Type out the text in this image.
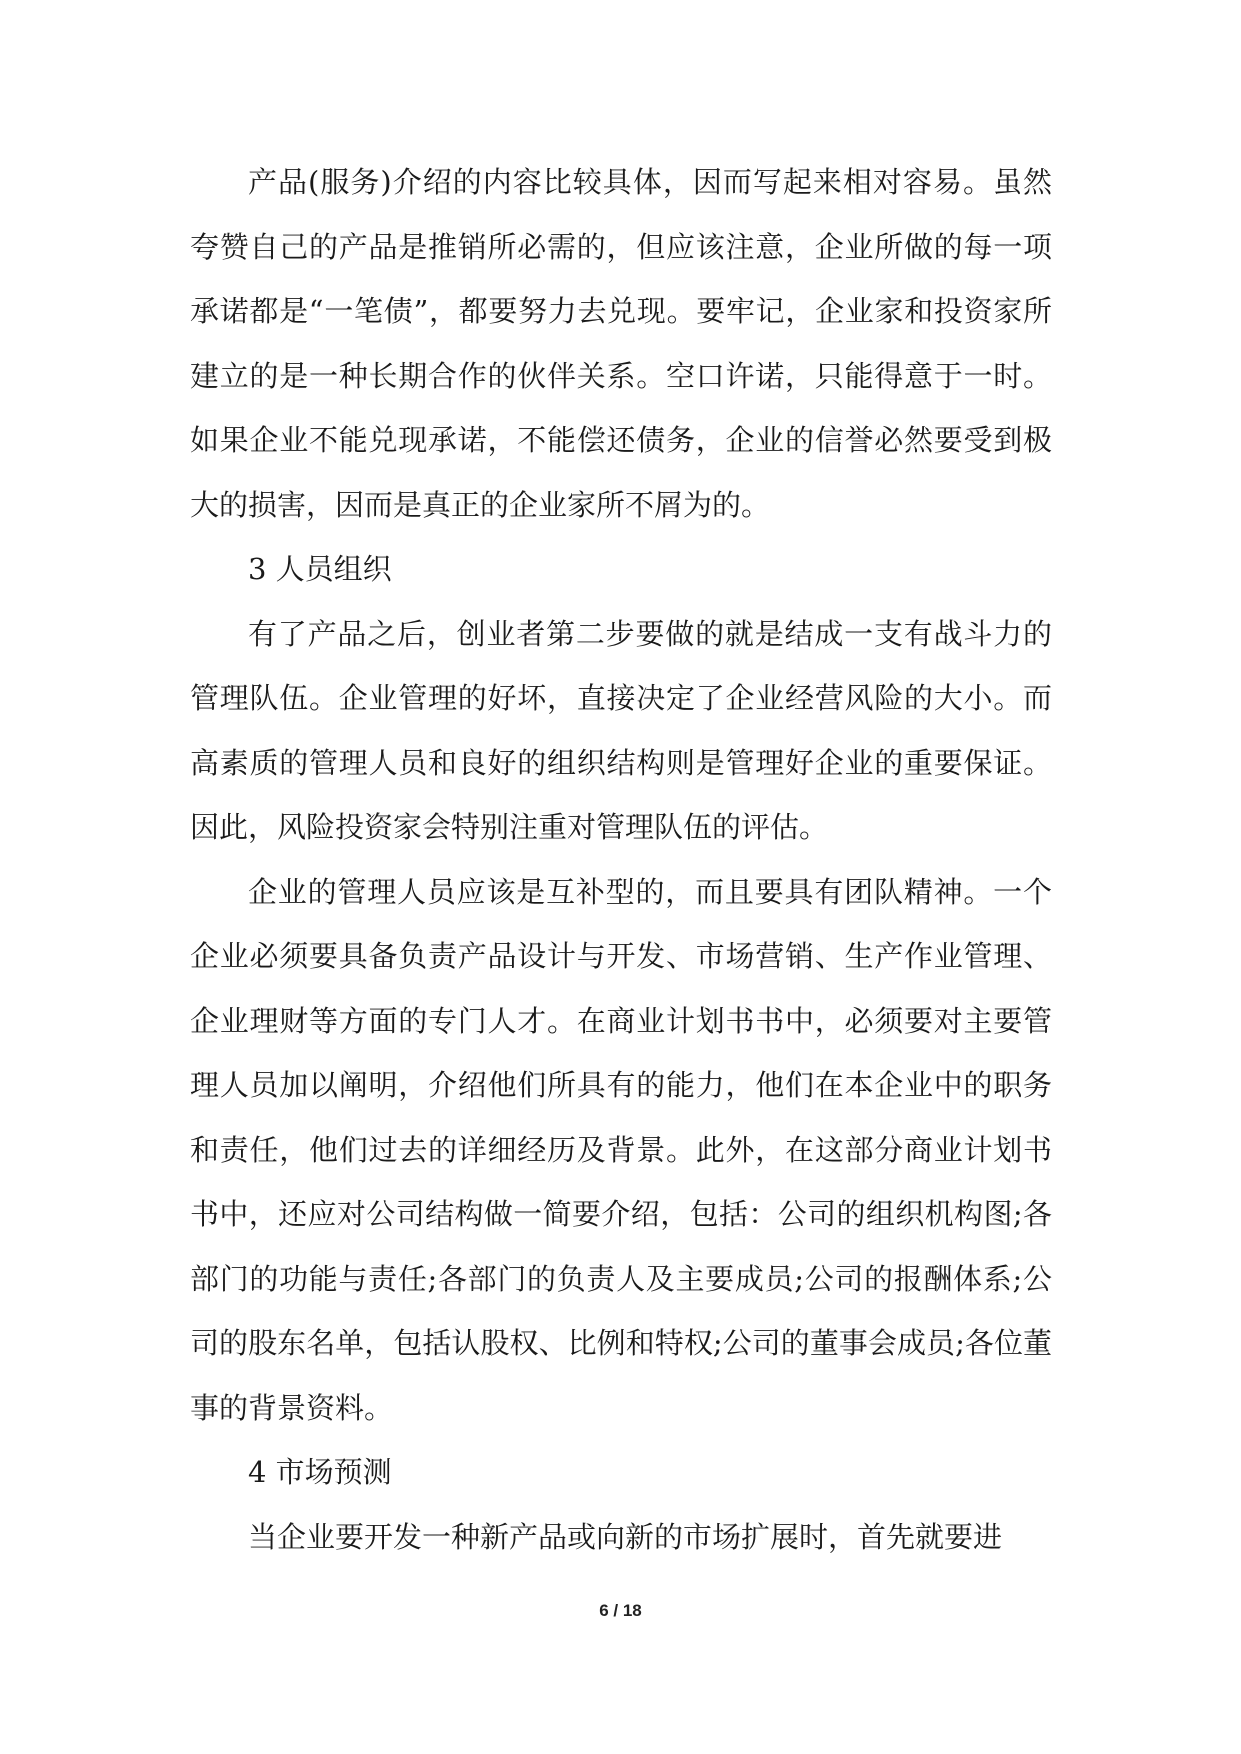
产品(服务)介绍的内容比较具体，因而写起来相对容易。虽然夸赞自己的产品是推销所必需的，但应该注意，企业所做的每一项承诺都是“一笔债”，都要努力去兑现。要牢记，企业家和投资家所建立的是一种长期合作的伙伴关系。空口许诺，只能得意于一时。如果企业不能兑现承诺，不能偿还债务，企业的信誉必然要受到极大的损害，因而是真正的企业家所不屑为的。

3 人员组织

有了产品之后，创业者第二步要做的就是结成一支有战斗力的管理队伍。企业管理的好坏，直接决定了企业经营风险的大小。而高素质的管理人员和良好的组织结构则是管理好企业的重要保证。因此，风险投资家会特别注重对管理队伍的评估。

企业的管理人员应该是互补型的，而且要具有团队精神。一个企业必须要具备负责产品设计与开发、市场营销、生产作业管理、企业理财等方面的专门人才。在商业计划书书中，必须要对主要管理人员加以阐明，介绍他们所具有的能力，他们在本企业中的职务和责任，他们过去的详细经历及背景。此外，在这部分商业计划书书中，还应对公司结构做一简要介绍，包括：公司的组织机构图;各部门的功能与责任;各部门的负责人及主要成员;公司的报酬体系;公司的股东名单，包括认股权、比例和特权;公司的董事会成员;各位董事的背景资料。

4 市场预测

当企业要开发一种新产品或向新的市场扩展时，首先就要进

6 / 18
